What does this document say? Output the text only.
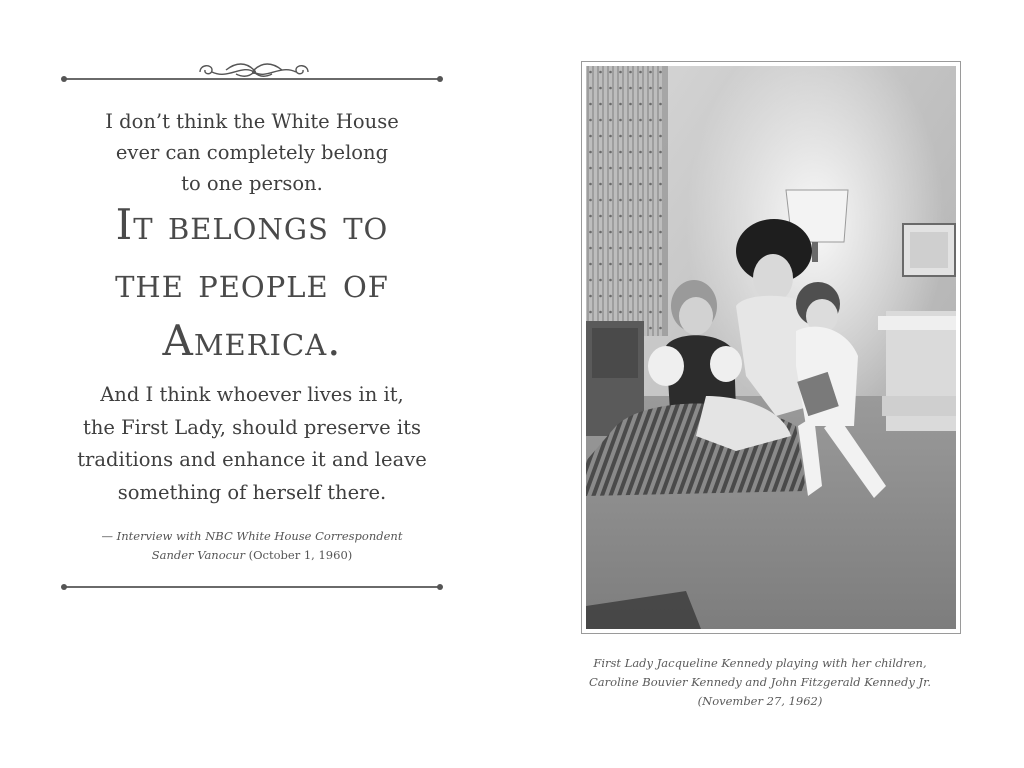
I don’t think the White House
ever can completely belong
to one person.
It belongs to
the people of
America.
And I think whoever lives in it,
the First Lady, should preserve its
traditions and enhance it and leave
something of herself there.
— Interview with NBC White House Correspondent
Sander Vanocur (October 1, 1960)
First Lady Jacqueline Kennedy playing with her children,
Caroline Bouvier Kennedy and John Fitzgerald Kennedy Jr.
(November 27, 1962)
